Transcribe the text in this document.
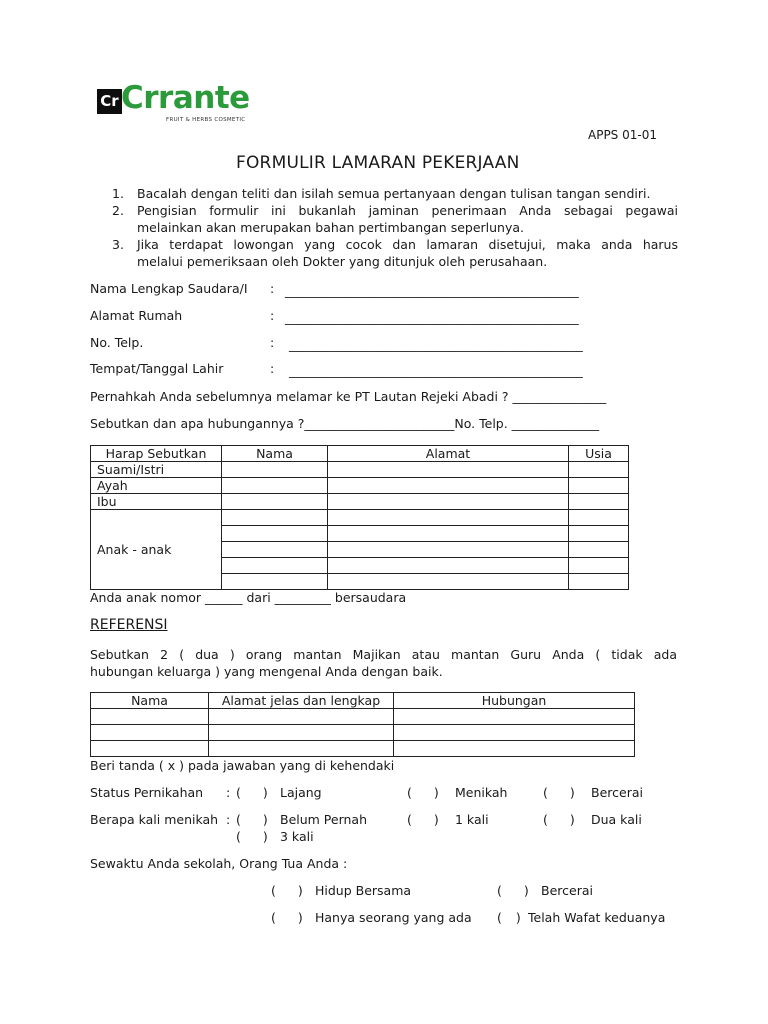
Cr Crrante
FRUIT & HERBS COSMETIC
APPS 01-01
FORMULIR LAMARAN PEKERJAAN
1. Bacalah dengan teliti dan isilah semua pertanyaan dengan tulisan tangan sendiri.
2. Pengisian formulir ini bukanlah jaminan penerimaan Anda sebagai pegawai
melainkan akan merupakan bahan pertimbangan seperlunya.
3. Jika terdapat lowongan yang cocok dan lamaran disetujui, maka anda harus
melalui pemeriksaan oleh Dokter yang ditunjuk oleh perusahaan.
Nama Lengkap Saudara/I : _______________________________________________
Alamat Rumah	: _______________________________________________
No. Telp.	: _______________________________________________
Tempat/Tanggal Lahir	: _______________________________________________
Pernahkah Anda sebelumnya melamar ke PT Lautan Rejeki Abadi ? _______________
Sebutkan dan apa hubungannya ?________________________No. Telp. ______________
Harap Sebutkan	Nama	Alamat	Usia
Suami/Istri			
Ayah			
Ibu			
Anak - anak			

Anda anak nomor ______ dari _________ bersaudara
REFERENSI
Sebutkan 2 ( dua ) orang mantan Majikan atau mantan Guru Anda ( tidak ada
hubungan keluarga ) yang mengenal Anda dengan baik.
Nama	Alamat jelas dan lengkap	Hubungan

Beri tanda ( x ) pada jawaban yang di kehendaki
Status Pernikahan : ( ) Lajang	( ) Menikah	( ) Bercerai
Berapa kali menikah : ( ) Belum Pernah	( ) 1 kali	( ) Dua kali
( ) 3 kali
Sewaktu Anda sekolah, Orang Tua Anda :
( ) Hidup Bersama	( ) Bercerai
( ) Hanya seorang yang ada ( ) Telah Wafat keduanya
